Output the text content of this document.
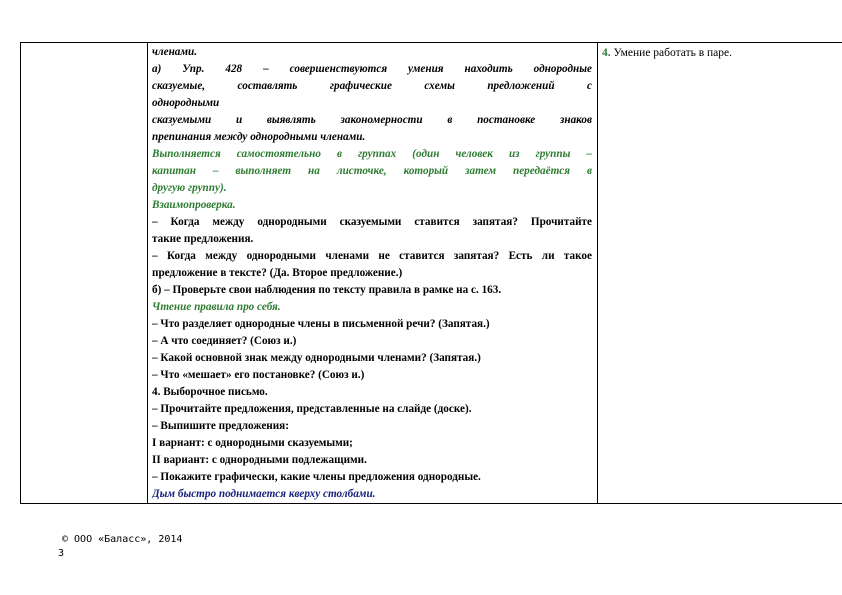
членами.
а) Упр. 428 – совершенствуются умения находить однородные
сказуемые, составлять графические схемы предложений с
однородными
сказуемыми и выявлять закономерности в постановке знаков
препинания между однородными членами.
Выполняется самостоятельно в группах (один человек из группы –
капитан – выполняет на листочке, который затем передаётся в
другую группу).
Взаимопроверка.
– Когда между однородными сказуемыми ставится запятая? Прочитайте
такие предложения.
– Когда между однородными членами не ставится запятая? Есть ли такое
предложение в тексте? (Да. Второе предложение.)
б) – Проверьте свои наблюдения по тексту правила в рамке на с. 163.
Чтение правила про себя.
– Что разделяет однородные члены в письменной речи? (Запятая.)
– А что соединяет? (Союз и.)
– Какой основной знак между однородными членами? (Запятая.)
– Что «мешает» его постановке? (Союз и.)
4. Выборочное письмо.
– Прочитайте предложения, представленные на слайде (доске).
– Выпишите предложения:
I вариант: с однородными сказуемыми;
II вариант: с однородными подлежащими.
– Покажите графически, какие члены предложения однородные.
Дым быстро поднимается кверху столбами.
4. Умение работать в паре.
© ООО «Баласс», 2014
3
